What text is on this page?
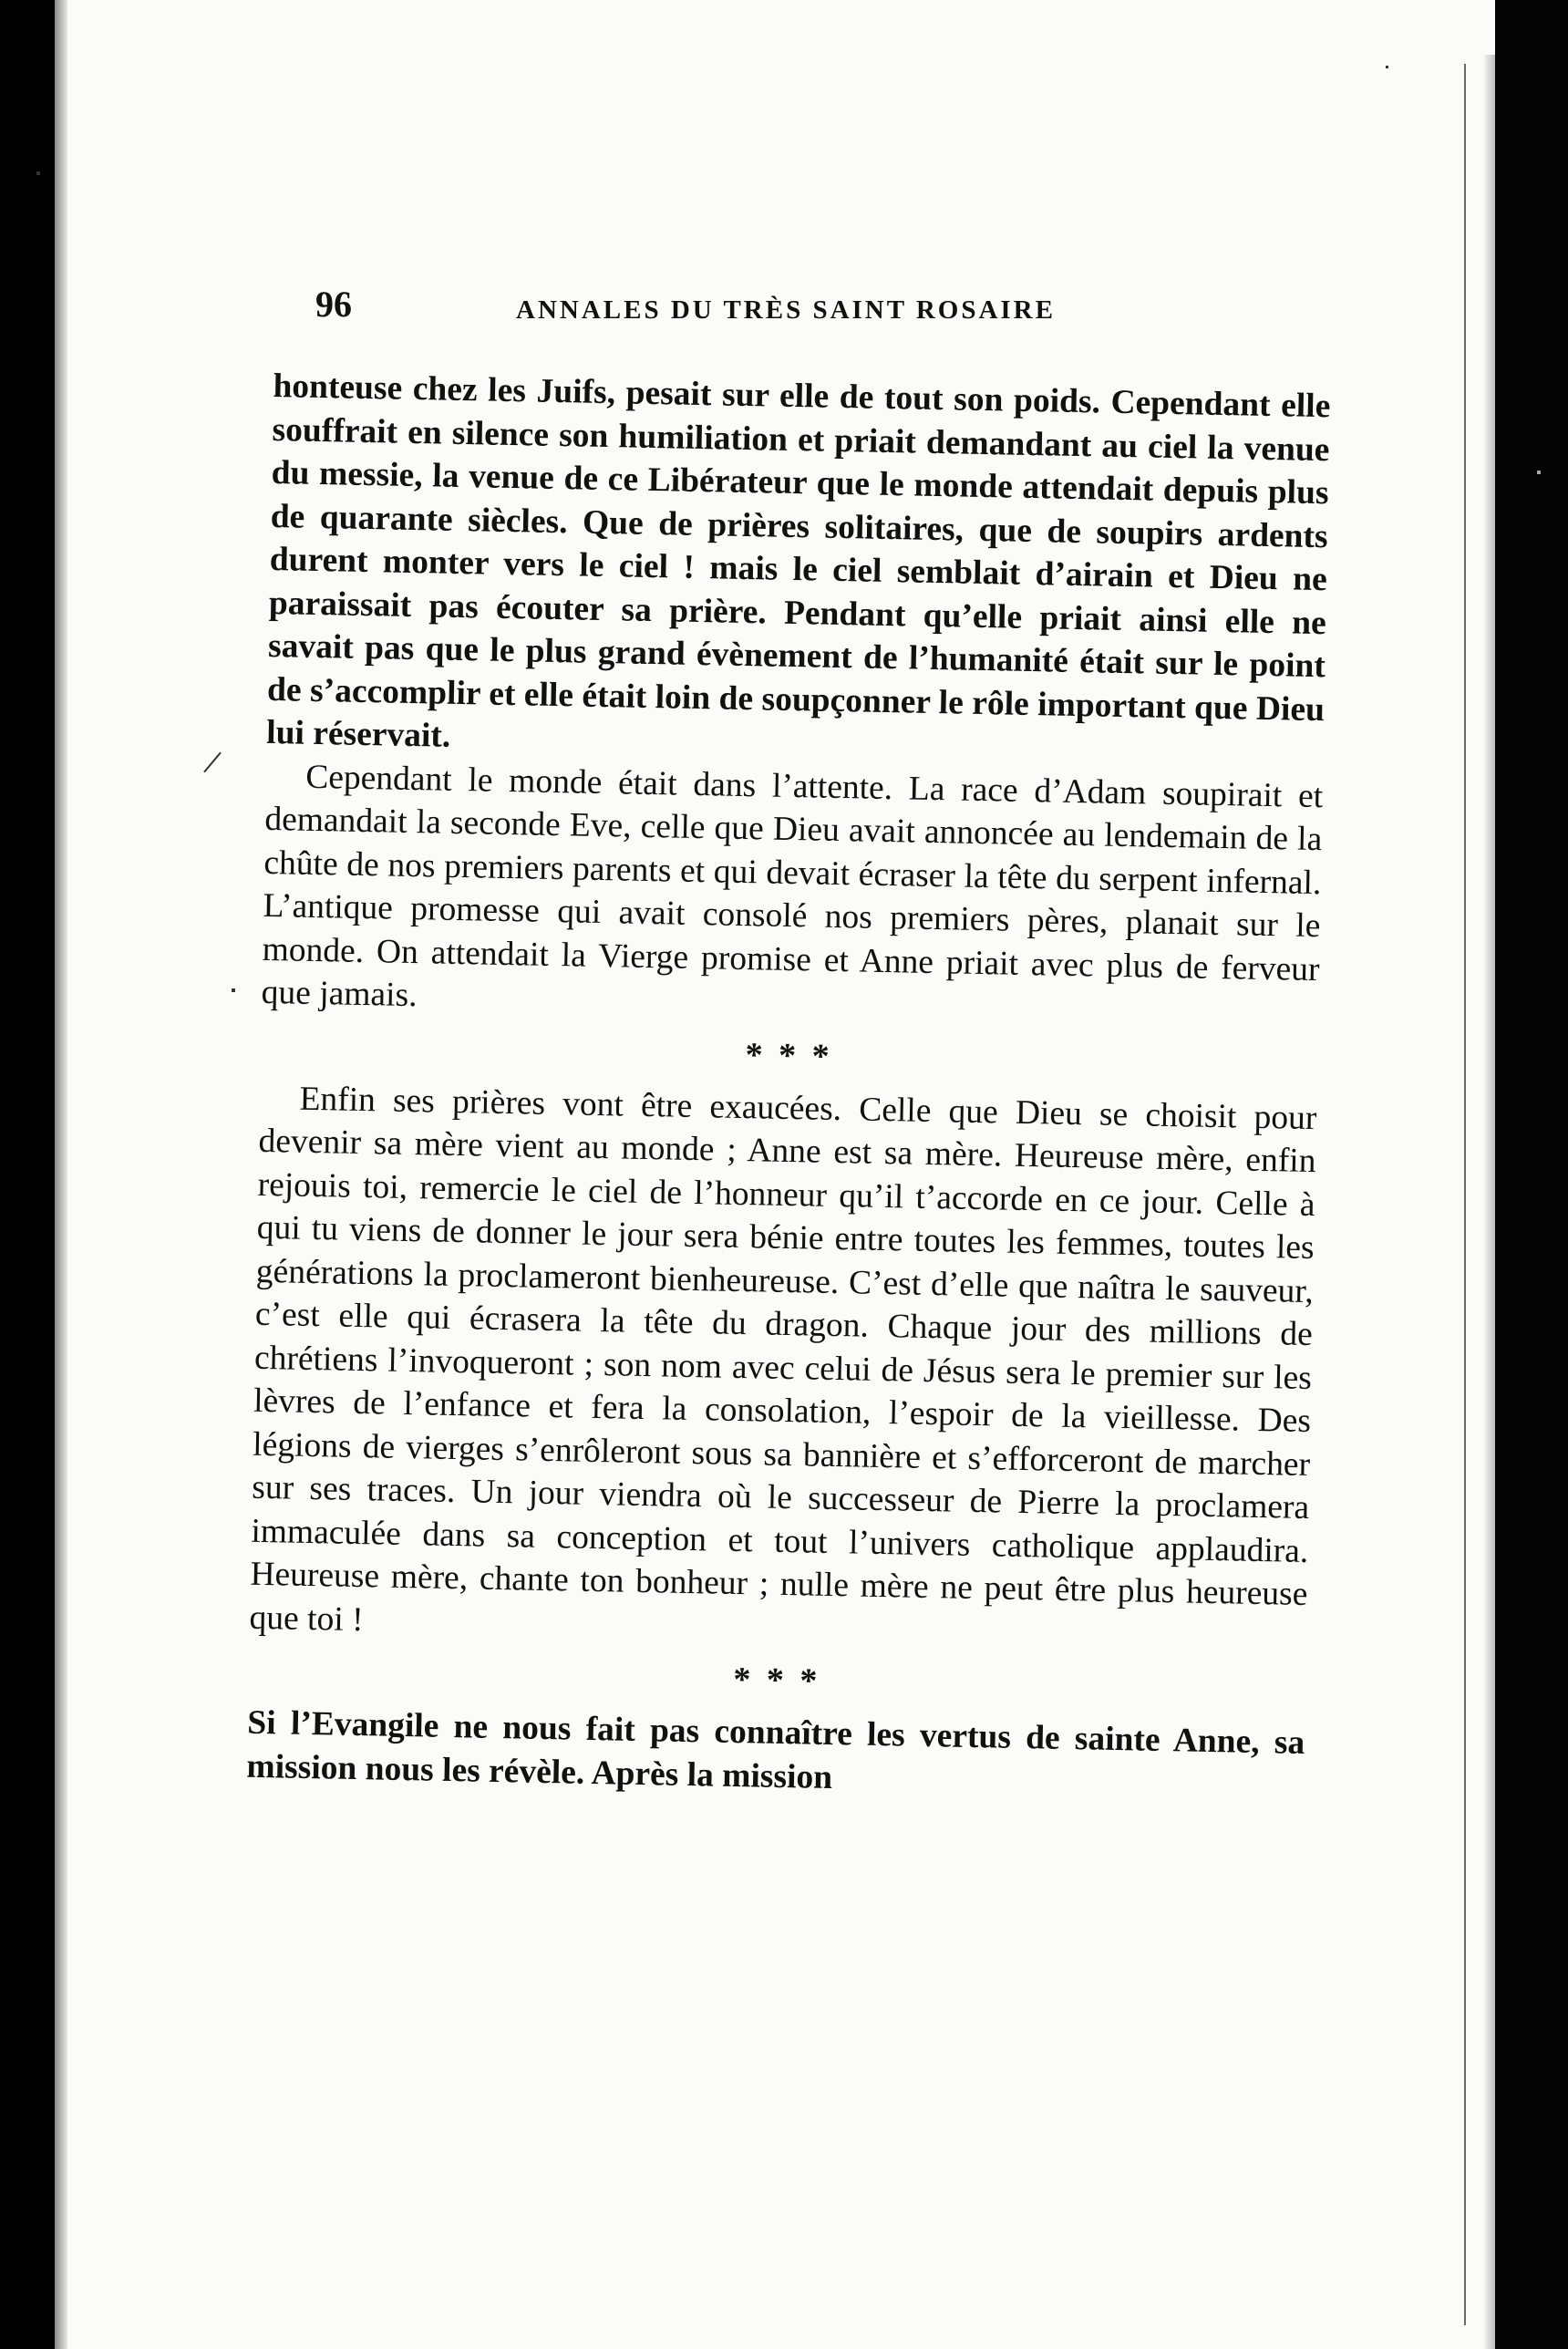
96	ANNALES DU TRÈS SAINT ROSAIRE

honteuse chez les Juifs, pesait sur elle de tout son poids. Cependant elle souffrait en silence son humiliation et priait demandant au ciel la venue du messie, la venue de ce Libérateur que le monde attendait depuis plus de quarante siècles. Que de prières solitaires, que de soupirs ardents durent monter vers le ciel ! mais le ciel semblait d’airain et Dieu ne paraissait pas écouter sa prière. Pendant qu’elle priait ainsi elle ne savait pas que le plus grand évènement de l’humanité était sur le point de s’accomplir et elle était loin de soupçonner le rôle important que Dieu lui réservait.

Cependant le monde était dans l’attente. La race d’Adam soupirait et demandait la seconde Eve, celle que Dieu avait annoncée au lendemain de la chûte de nos premiers parents et qui devait écraser la tête du serpent infernal. L’antique promesse qui avait consolé nos premiers pères, planait sur le monde. On attendait la Vierge promise et Anne priait avec plus de ferveur que jamais.

* * *

Enfin ses prières vont être exaucées. Celle que Dieu se choisit pour devenir sa mère vient au monde ; Anne est sa mère. Heureuse mère, enfin rejouis toi, remercie le ciel de l’honneur qu’il t’accorde en ce jour. Celle à qui tu viens de donner le jour sera bénie entre toutes les femmes, toutes les générations la proclameront bienheureuse. C’est d’elle que naîtra le sauveur, c’est elle qui écrasera la tête du dragon. Chaque jour des millions de chrétiens l’invoqueront ; son nom avec celui de Jésus sera le premier sur les lèvres de l’enfance et fera la consolation, l’espoir de la vieillesse. Des légions de vierges s’enrôleront sous sa bannière et s’efforceront de marcher sur ses traces. Un jour viendra où le successeur de Pierre la proclamera immaculée dans sa conception et tout l’univers catholique applaudira. Heureuse mère, chante ton bonheur ; nulle mère ne peut être plus heureuse que toi !

* * *

Si l’Evangile ne nous fait pas connaître les vertus de sainte Anne, sa mission nous les révèle. Après la mission
